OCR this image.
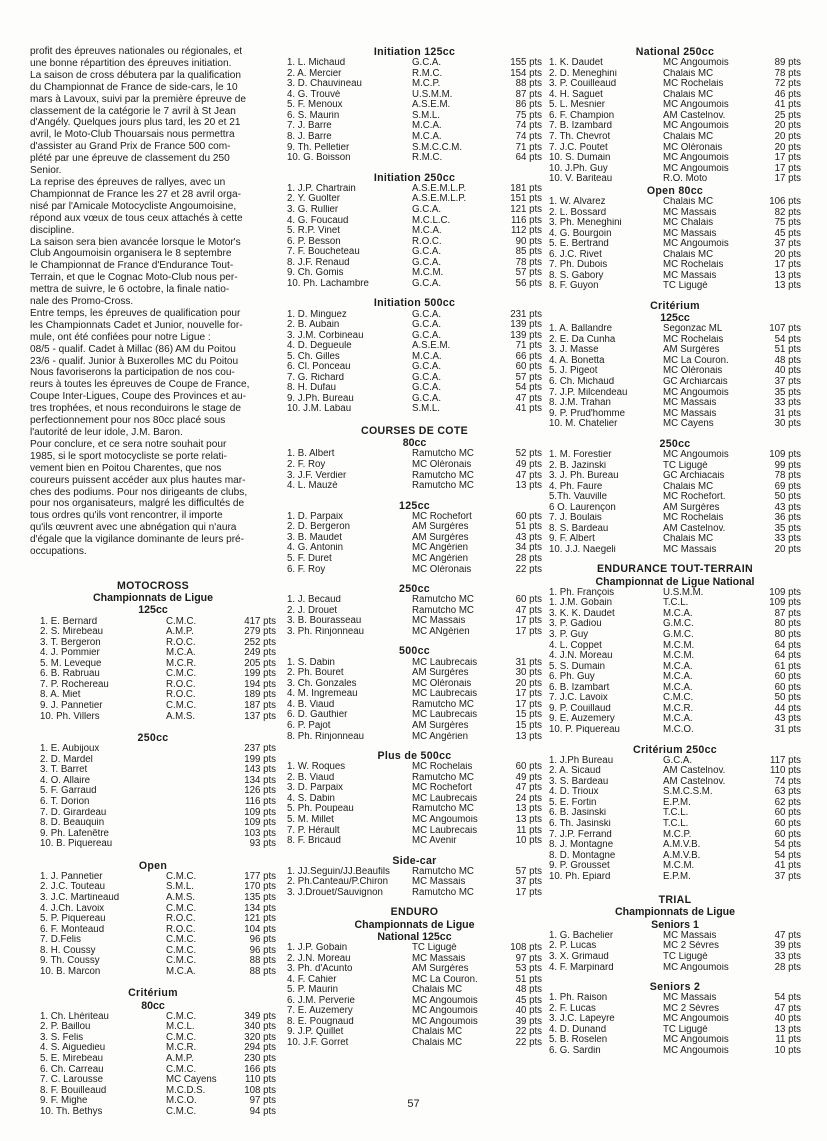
profit des épreuves nationales ou régionales, et
une bonne répartition des épreuves initiation.
La saison de cross débutera par la qualification
du Championnat de France de side-cars, le 10
mars à Lavoux, suivi par la première épreuve de
classement de la catégorie le 7 avril à St Jean
d'Angély. Quelques jours plus tard, les 20 et 21
avril, le Moto-Club Thouarsais nous permettra
d'assister au Grand Prix de France 500 com-
plété par une épreuve de classement du 250
Senior.
La reprise des épreuves de rallyes, avec un
Championnat de France les 27 et 28 avril orga-
nisé par l'Amicale Motocycliste Angoumoisine,
répond aux vœux de tous ceux attachés à cette
discipline.
La saison sera bien avancée lorsque le Motor's
Club Angoumoisin organisera le 8 septembre
le Championnat de France d'Endurance Tout-
Terrain, et que le Cognac Moto-Club nous per-
mettra de suivre, le 6 octobre, la finale natio-
nale des Promo-Cross.
Entre temps, les épreuves de qualification pour
les Championnats Cadet et Junior, nouvelle for-
mule, ont été confiées pour notre Ligue :
08/5 - qualif. Cadet à Millac (86) AM du Poitou
23/6 - qualif. Junior à Buxerolles MC du Poitou
Nous favoriserons la participation de nos cou-
reurs à toutes les épreuves de Coupe de France,
Coupe Inter-Ligues, Coupe des Provinces et au-
tres trophées, et nous reconduirons le stage de
perfectionnement pour nos 80cc placé sous
l'autorité de leur idole, J.M. Baron.
Pour conclure, et ce sera notre souhait pour
1985, si le sport motocycliste se porte relati-
vement bien en Poitou Charentes, que nos
coureurs puissent accéder aux plus hautes mar-
ches des podiums. Pour nos dirigeants de clubs,
pour nos organisateurs, malgré les difficultés de
tous ordres qu'ils vont rencontrer, il importe
qu'ils œuvrent avec une abnégation qui n'aura
d'égale que la vigilance dominante de leurs pré-
occupations.
MOTOCROSS
Championnats de Ligue
125cc
1. É. Bernard	C.M.C.	417 pts
2. S. Mirebeau	A.M.P.	279 pts
3. T. Bergeron	R.O.C.	252 pts
4. J. Pommier	M.C.A.	249 pts
5. M. Leveque	M.C.R.	205 pts
6. B. Rabruau	C.M.C.	199 pts
7. P. Rochereau	R.O.C.	194 pts
8. A. Miet	R.O.C.	189 pts
9. J. Pannetier	C.M.C.	187 pts
10. Ph. Villers	A.M.S.	137 pts
250cc
1. É. Aubijoux	237 pts
2. D. Mardel	199 pts
3. T. Barret	143 pts
4. O. Allaire	134 pts
5. F. Garraud	126 pts
6. T. Dorion	116 pts
7. D. Girardeau	109 pts
8. D. Beauquin	109 pts
9. Ph. Lafenêtre	103 pts
10. B. Piquereau	93 pts
Open
1. J. Pannetier	C.M.C.	177 pts
2. J.C. Touteau	S.M.L.	170 pts
3. J.C. Martineaud	A.M.S.	135 pts
4. J.Ch. Lavoix	C.M.C.	134 pts
5. P. Piquereau	R.O.C.	121 pts
6. F. Monteaud	R.O.C.	104 pts
7. D.Felis	C.M.C.	96 pts
8. H. Coussy	C.M.C.	96 pts
9. Th. Coussy	C.M.C.	88 pts
10. B. Marcon	M.C.A.	88 pts
Critérium
80cc
1. Ch. Lhériteau	C.M.C.	349 pts
2. P. Baillou	M.C.L.	340 pts
3. S. Felis	C.M.C.	320 pts
4. S. Aiguedieu	M.C.R.	294 pts
5. É. Mirebeau	A.M.P.	230 pts
6. Ch. Carreau	C.M.C.	166 pts
7. C. Larousse	MC Cayens	110 pts
8. F. Bouilleaud	M.C.D.S.	108 pts
9. F. Mighe	M.C.O.	97 pts
10. Th. Bethys	C.M.C.	94 pts
Initiation 125cc
1. L. Michaud	G.C.A.	155 pts
2. A. Mercier	R.M.C.	154 pts
3. D. Chauvineau	M.C.P.	88 pts
4. G. Trouvé	U.S.M.M.	87 pts
5. F. Menoux	A.S.E.M.	86 pts
6. S. Maurin	S.M.L.	75 pts
7. J. Barre	M.C.A.	74 pts
8. J. Barre	M.C.A.	74 pts
9. Th. Pelletier	S.M.C.C.M.	71 pts
10. G. Boisson	R.M.C.	64 pts
Initiation 250cc
1. J.P. Chartrain	A.S.E.M.L.P.	181 pts
2. Y. Guolter	A.S.E.M.L.P.	151 pts
3. G. Rullier	G.C.A.	121 pts
4. G. Foucaud	M.C.L.C.	116 pts
5. R.P. Vinet	M.C.A.	112 pts
6. P. Besson	R.O.C.	90 pts
7. F. Boucheteau	G.C.A.	85 pts
8. J.F. Renaud	G.C.A.	78 pts
9. Ch. Gomis	M.C.M.	57 pts
10. Ph. Lachambre	G.C.A.	56 pts
Initiation 500cc
1. D. Minguez	G.C.A.	231 pts
2. B. Aubain	G.C.A.	139 pts
3. J.M. Corbineau	G.C.A.	139 pts
4. D. Degueule	A.S.E.M.	71 pts
5. Ch. Gilles	M.C.A.	66 pts
6. Cl. Ponceau	G.C.A.	60 pts
7. G. Richard	G.C.A.	57 pts
8. H. Dufau	G.C.A.	54 pts
9. J.Ph. Bureau	G.C.A.	47 pts
10. J.M. Labau	S.M.L.	41 pts
COURSES DE COTE
80cc
1. B. Albert	Ramutcho MC	52 pts
2. F. Roy	MC Oléronais	49 pts
3. J.F. Verdier	Ramutcho MC	47 pts
4. L. Mauzé	Ramutcho MC	13 pts
125cc
1. D. Parpaix	MC Rochefort	60 pts
2. D. Bergeron	AM Surgères	51 pts
3. B. Maudet	AM Surgères	43 pts
4. G. Antonin	MC Angérien	34 pts
5. F. Duret	MC Angérien	28 pts
6. F. Roy	MC Oléronais	22 pts
250cc
1. J. Becaud	Ramutcho MC	60 pts
2. J. Drouet	Ramutcho MC	47 pts
3. B. Bourasseau	MC Massais	17 pts
3. Ph. Rinjonneau	MC ANgérien	17 pts
500cc
1. S. Dabin	MC Laubrecais	31 pts
2. Ph. Bouret	AM Surgères	30 pts
3. Ch. Gonzales	MC Oléronais	20 pts
4. M. Ingremeau	MC Laubrecais	17 pts
4. B. Viaud	Ramutcho MC	17 pts
6. D. Gauthier	MC Laubrecais	15 pts
6. P. Pajot	AM Surgères	15 pts
8. Ph. Rinjonneau	MC Angérien	13 pts
Plus de 500cc
1. W. Roques	MC Rochelais	60 pts
2. B. Viaud	Ramutcho MC	49 pts
3. D. Parpaix	MC Rochefort	47 pts
4. S. Dabin	MC Laubrecais	24 pts
5. Ph. Poupeau	Ramutcho MC	13 pts
5. M. Millet	MC Angoumois	13 pts
7. P. Hérault	MC Laubrecais	11 pts
8. F. Bricaud	MC Avenir	10 pts
Side-car
1. JJ.Seguin/JJ.Beaufils	Ramutcho MC	57 pts
2. Ph.Canteau/P.Chiron	MC Massais	37 pts
3. J.Drouet/Sauvignon	Ramutcho MC	17 pts
ENDURO
Championnats de Ligue
National 125cc
1. J.P. Gobain	TC Ligugé	108 pts
2. J.N. Moreau	MC Massais	97 pts
3. Ph. d'Acunto	AM Surgères	53 pts
4. F. Cahier	MC La Couron.	51 pts
5. P. Maurin	Chalais MC	48 pts
6. J.M. Perverie	MC Angoumois	45 pts
7. E. Auzemery	MC Angoumois	40 pts
8. E. Pougnaud	MC Angoumois	39 pts
9. J.P. Quillet	Chalais MC	22 pts
10. J.F. Gorret	Chalais MC	22 pts
National 250cc
1. K. Daudet	MC Angoumois	89 pts
2. D. Meneghini	Chalais MC	78 pts
3. P. Couilleaud	MC Rochelais	72 pts
4. H. Saguet	Chalais MC	46 pts
5. L. Mesnier	MC Angoumois	41 pts
6. F. Champion	AM Castelnov.	25 pts
7. B. Izambard	MC Angoumois	20 pts
7. Th. Chevrot	Chalais MC	20 pts
7. J.C. Poutet	MC Oléronais	20 pts
10. S. Dumain	MC Angoumois	17 pts
10. J.Ph. Guy	MC Angoumois	17 pts
10. V. Bariteau	R.O. Moto	17 pts
Open 80cc
1. W. Alvarez	Chalais MC	106 pts
2. L. Bossard	MC Massais	82 pts
3. Ph. Meneghini	MC Chalais	75 pts
4. G. Bourgoin	MC Massais	45 pts
5. E. Bertrand	MC Angoumois	37 pts
6. J.C. Rivet	Chalais MC	20 pts
7. Ph. Dubois	MC Rochelais	17 pts
8. S. Gabory	MC Massais	13 pts
8. F. Guyon	TC Ligugé	13 pts
Critérium
125cc
1. A. Ballandre	Segonzac ML	107 pts
2. É. Da Cunha	MC Rochelais	54 pts
3. J. Masse	AM Surgères	51 pts
4. A. Bonetta	MC La Couron.	48 pts
5. J. Pigeot	MC Oléronais	40 pts
6. Ch. Michaud	GC Archiarcais	37 pts
7. J.P. Milcendeau	MC Angoumois	35 pts
8. J.M. Trahan	MC Massais	33 pts
9. P. Prud'homme	MC Massais	31 pts
10. M. Chatelier	MC Cayens	30 pts
250cc
1. M. Forestier	MC Angoumois	109 pts
2. B. Jazinski	TC Ligugé	99 pts
3. J. Ph. Bureau	GC Archiacais	78 pts
4. Ph. Faure	Chalais MC	69 pts
5.Th. Vauville	MC Rochefort.	50 pts
6 O. Laurençon	AM Surgères	43 pts
7. J. Boulais	MC Rochelais	36 pts
8. S. Bardeau	AM Castelnov.	35 pts
9. F. Albert	Chalais MC	33 pts
10. J.J. Naegeli	MC Massais	20 pts
ENDURANCE TOUT-TERRAIN
Championnat de Ligue National
1. Ph. François	U.S.M.M.	109 pts
1. J.M. Gobain	T.C.L.	109 pts
3. K. K. Daudet	M.C.A.	87 pts
3. P. Gadiou	G.M.C.	80 pts
3. P. Guy	G.M.C.	80 pts
4. L. Coppet	M.C.M.	64 pts
4. J.N. Moreau	M.C.M.	64 pts
5. S. Dumain	M.C.A.	61 pts
6. Ph. Guy	M.C.A.	60 pts
6. B. Izambart	M.C.A.	60 pts
7. J.C. Lavoix	C.M.C.	50 pts
9. P. Couillaud	M.C.R.	44 pts
9. E. Auzemery	M.C.A.	43 pts
10. P. Piquereau	M.C.O.	31 pts
Critérium 250cc
1. J.Ph Bureau	G.C.A.	117 pts
2. A. Sicaud	AM Castelnov.	110 pts
3. S. Bardeau	AM Castelnov.	74 pts
4. D. Trioux	S.M.C.S.M.	63 pts
5. É. Fortin	E.P.M.	62 pts
6. B. Jasinski	T.C.L.	60 pts
6. Th. Jasinski	T.C.L.	60 pts
7. J.P. Ferrand	M.C.P.	60 pts
8. J. Montagne	A.M.V.B.	54 pts
8. D. Montagne	A.M.V.B.	54 pts
9. P. Grousset	M.C.M.	41 pts
10. Ph. Epiard	E.P.M.	37 pts
TRIAL
Championnats de Ligue
Seniors 1
1. G. Bachelier	MC Massais	47 pts
2. P. Lucas	MC 2 Sèvres	39 pts
3. X. Grimaud	TC Ligugé	33 pts
4. F. Marpinard	MC Angoumois	28 pts
Seniors 2
1. Ph. Raison	MC Massais	54 pts
2. F. Lucas	MC 2 Sèvres	47 pts
3. J.C. Lapeyre	MC Angoumois	40 pts
4. D. Dunand	TC Ligugé	13 pts
5. B. Roselen	MC Angoumois	11 pts
6. G. Sardin	MC Angoumois	10 pts
57
